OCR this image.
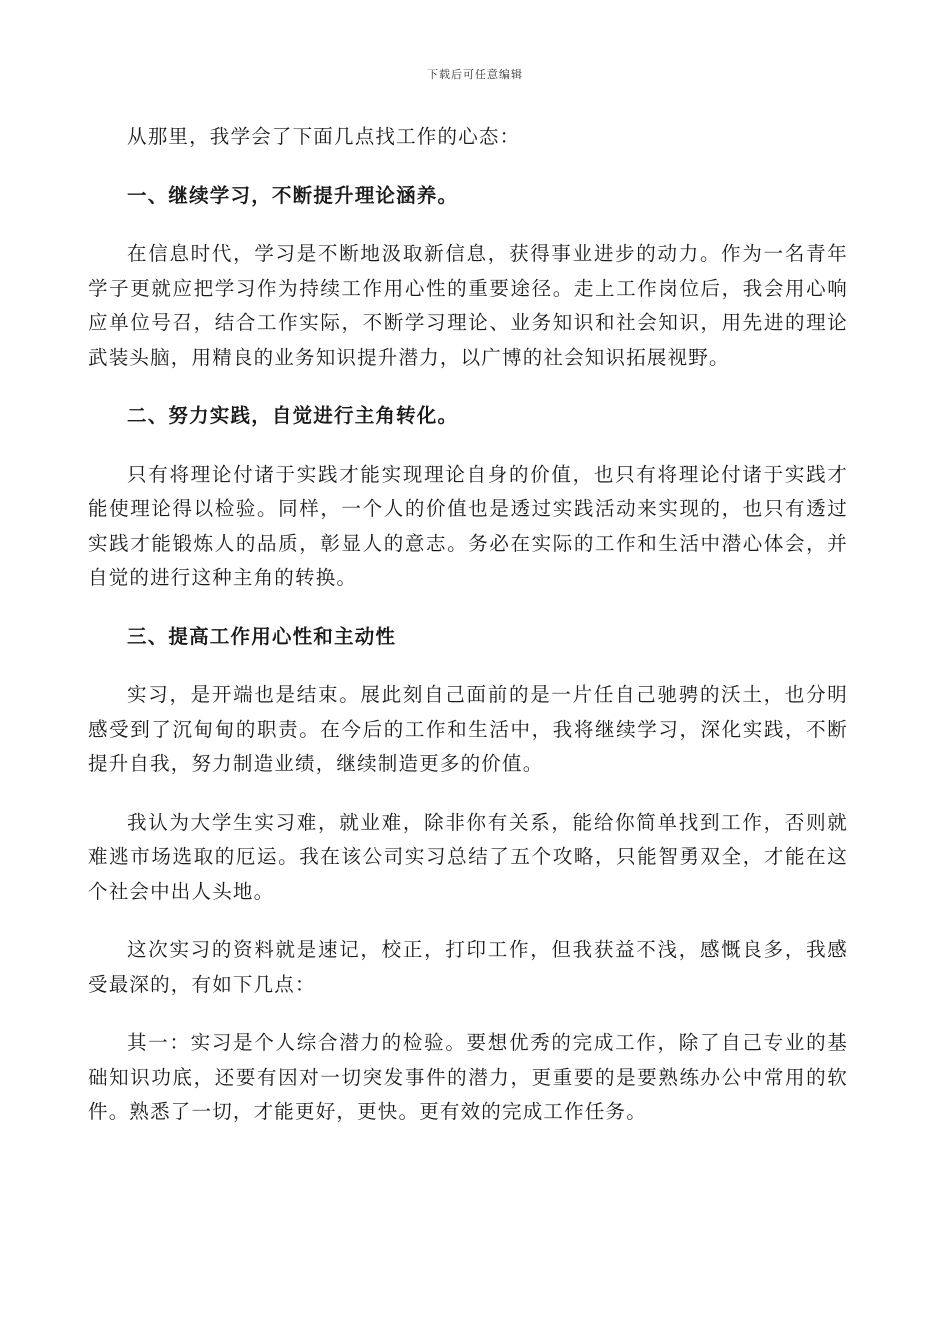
下载后可任意编辑

从那里，我学会了下面几点找工作的心态：

一、继续学习，不断提升理论涵养。

在信息时代，学习是不断地汲取新信息，获得事业进步的动力。作为一名青年学子更就应把学习作为持续工作用心性的重要途径。走上工作岗位后，我会用心响应单位号召，结合工作实际，不断学习理论、业务知识和社会知识，用先进的理论武装头脑，用精良的业务知识提升潜力，以广博的社会知识拓展视野。

二、努力实践，自觉进行主角转化。

只有将理论付诸于实践才能实现理论自身的价值，也只有将理论付诸于实践才能使理论得以检验。同样，一个人的价值也是透过实践活动来实现的，也只有透过实践才能锻炼人的品质，彰显人的意志。务必在实际的工作和生活中潜心体会，并自觉的进行这种主角的转换。

三、提高工作用心性和主动性

实习，是开端也是结束。展此刻自己面前的是一片任自己驰骋的沃土，也分明感受到了沉甸甸的职责。在今后的工作和生活中，我将继续学习，深化实践，不断提升自我，努力制造业绩，继续制造更多的价值。

我认为大学生实习难，就业难，除非你有关系，能给你简单找到工作，否则就难逃市场选取的厄运。我在该公司实习总结了五个攻略，只能智勇双全，才能在这个社会中出人头地。

这次实习的资料就是速记，校正，打印工作，但我获益不浅，感慨良多，我感受最深的，有如下几点：

其一：实习是个人综合潜力的检验。要想优秀的完成工作，除了自己专业的基础知识功底，还要有因对一切突发事件的潜力，更重要的是要熟练办公中常用的软件。熟悉了一切，才能更好，更快。更有效的完成工作任务。
